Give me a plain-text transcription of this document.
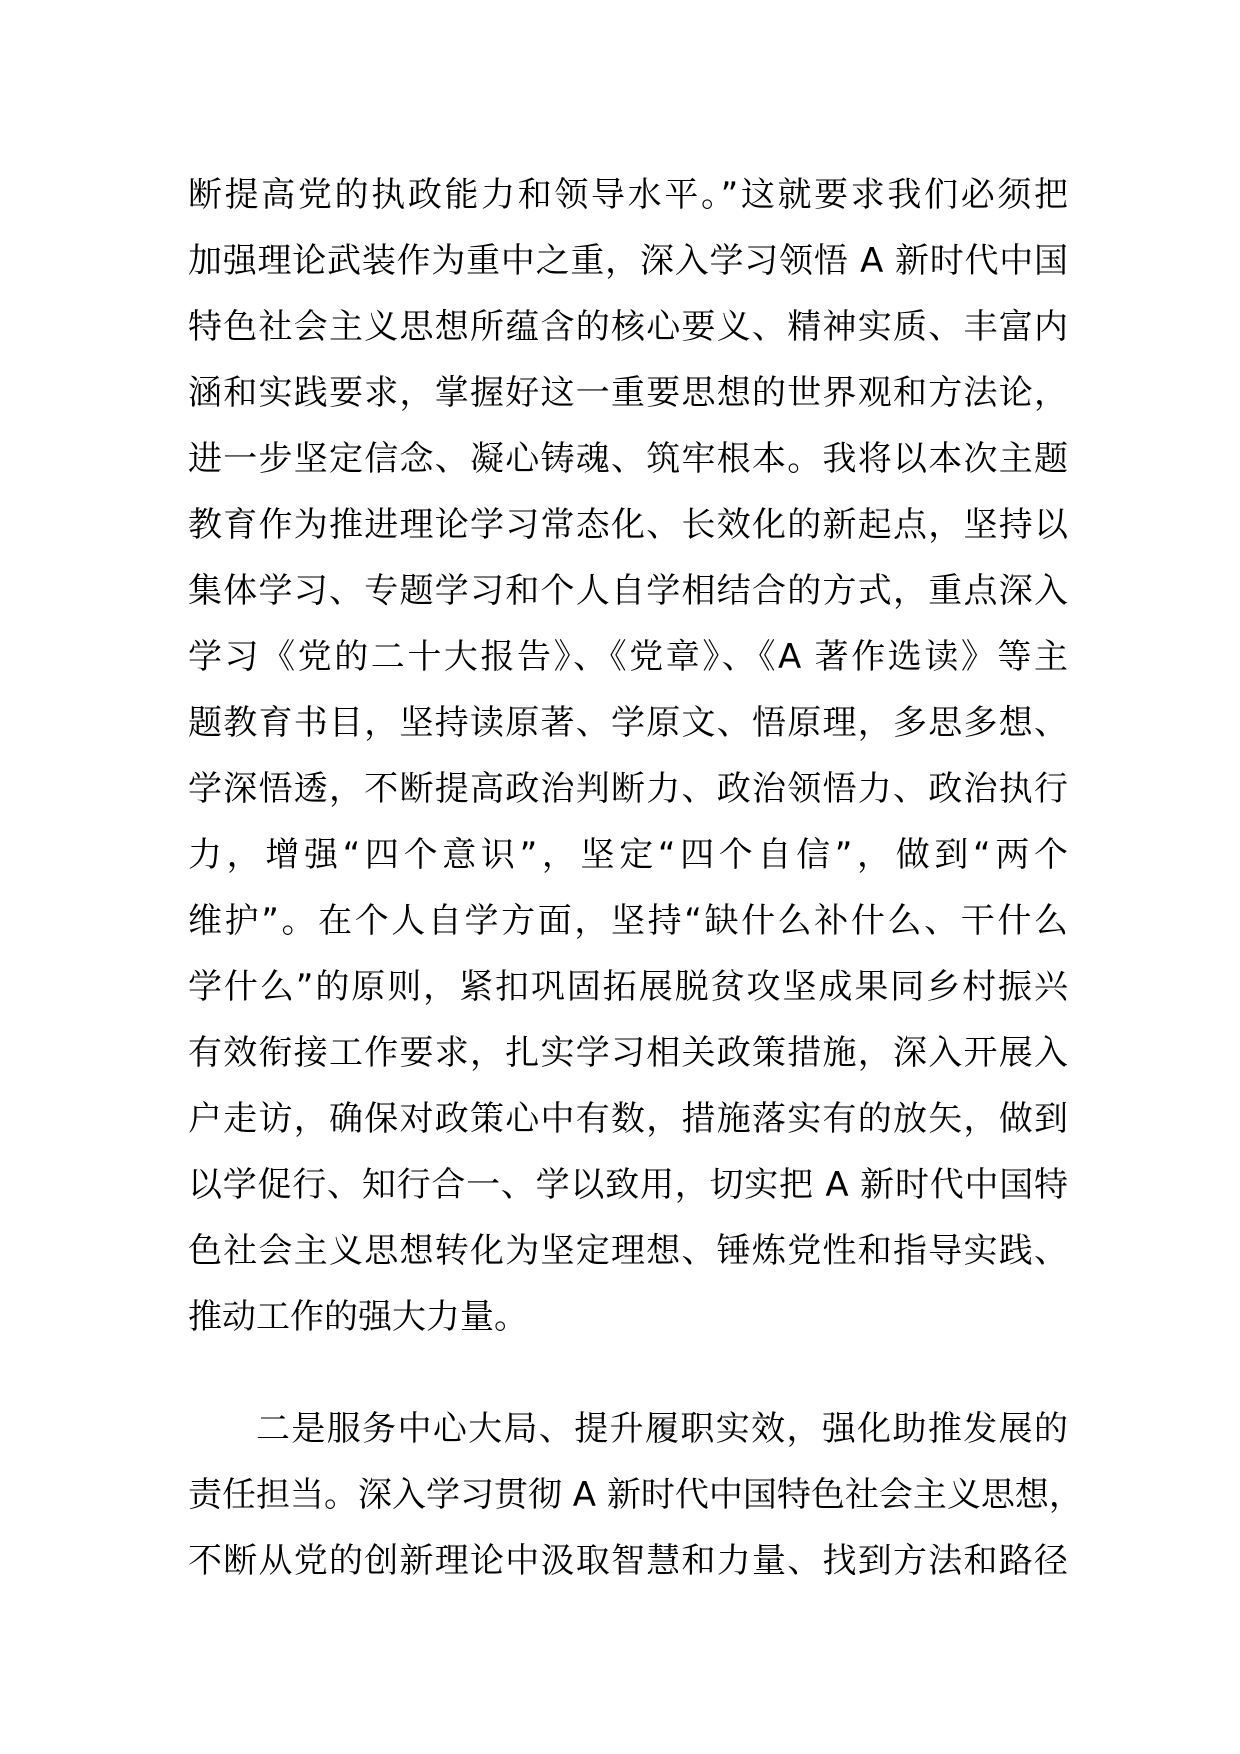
断提高党的执政能力和领导水平。”这就要求我们必须把
加强理论武装作为重中之重，深入学习领悟 A 新时代中国
特色社会主义思想所蕴含的核心要义、精神实质、丰富内
涵和实践要求，掌握好这一重要思想的世界观和方法论，
进一步坚定信念、凝心铸魂、筑牢根本。我将以本次主题
教育作为推进理论学习常态化、长效化的新起点，坚持以
集体学习、专题学习和个人自学相结合的方式，重点深入
学习《党的二十大报告》、《党章》、《A 著作选读》等主
题教育书目，坚持读原著、学原文、悟原理，多思多想、
学深悟透，不断提高政治判断力、政治领悟力、政治执行
力，增强“四个意识”，坚定“四个自信”，做到“两个
维护”。在个人自学方面，坚持“缺什么补什么、干什么
学什么”的原则，紧扣巩固拓展脱贫攻坚成果同乡村振兴
有效衔接工作要求，扎实学习相关政策措施，深入开展入
户走访，确保对政策心中有数，措施落实有的放矢，做到
以学促行、知行合一、学以致用，切实把 A 新时代中国特
色社会主义思想转化为坚定理想、锤炼党性和指导实践、
推动工作的强大力量。
二是服务中心大局、提升履职实效，强化助推发展的
责任担当。深入学习贯彻 A 新时代中国特色社会主义思想，
不断从党的创新理论中汲取智慧和力量、找到方法和路径
